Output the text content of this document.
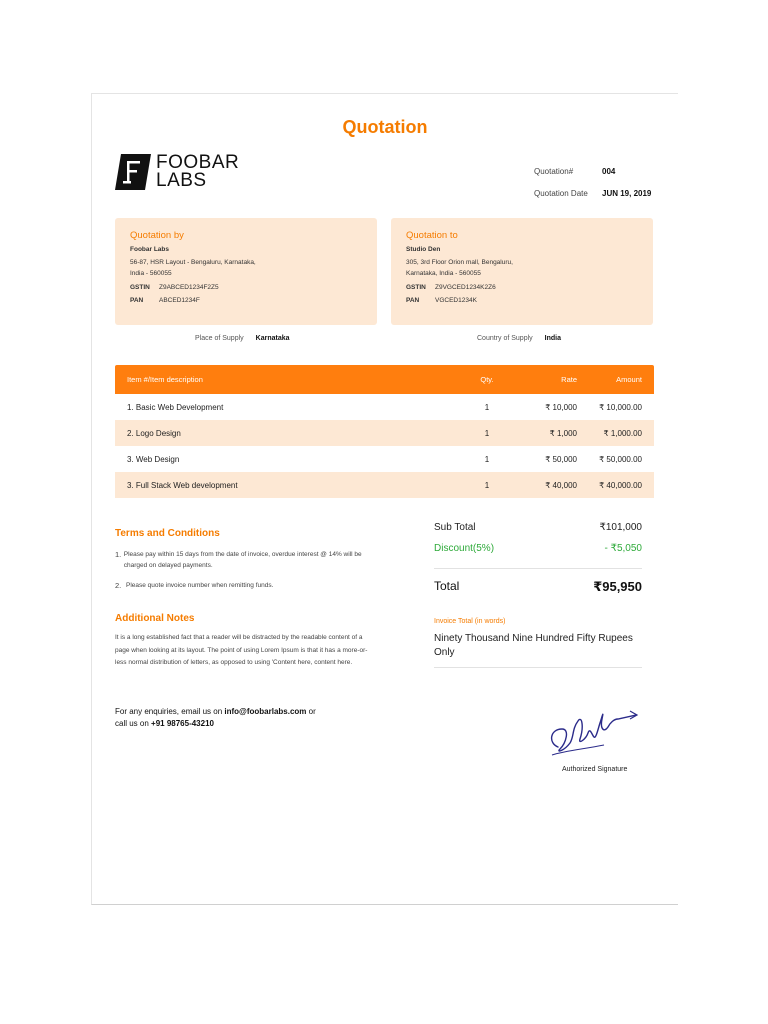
Quotation
FOOBAR
LABS	Quotation#	004
Quotation Date	JUN 19, 2019
Quotation by
Foobar Labs
56-87, HSR Layout - Bengaluru, Karnataka,
India - 560055
GSTIN	Z9ABCED1234F2Z5
PAN	ABCED1234F
Quotation to
Studio Den
305, 3rd Floor Orion mall, Bengaluru,
Karnataka, India - 560055
GSTIN	Z9VGCED1234K2Z6
PAN	VGCED1234K
Place of Supply Karnataka	Country of Supply India
Item #/Item description	Qty.	Rate	Amount
1. Basic Web Development	1	₹ 10,000	₹ 10,000.00
2. Logo Design	1	₹ 1,000	₹ 1,000.00
3. Web Design	1	₹ 50,000	₹ 50,000.00
3. Full Stack Web development	1	₹ 40,000	₹ 40,000.00
Terms and Conditions
1. Please pay within 15 days from the date of invoice, overdue interest @ 14% will be charged on delayed payments.
2. Please quote invoice number when remitting funds.
Additional Notes
It is a long established fact that a reader will be distracted by the readable content of a page when looking at its layout. The point of using Lorem Ipsum is that it has a more-or-less normal distribution of letters, as opposed to using 'Content here, content here.
For any enquiries, email us on info@foobarlabs.com or
call us on +91 98765-43210
Sub Total	₹101,000
Discount(5%)	- ₹5,050
Total	₹95,950
Invoice Total (in words)
Ninety Thousand Nine Hundred Fifty Rupees Only
Authorized Signature
